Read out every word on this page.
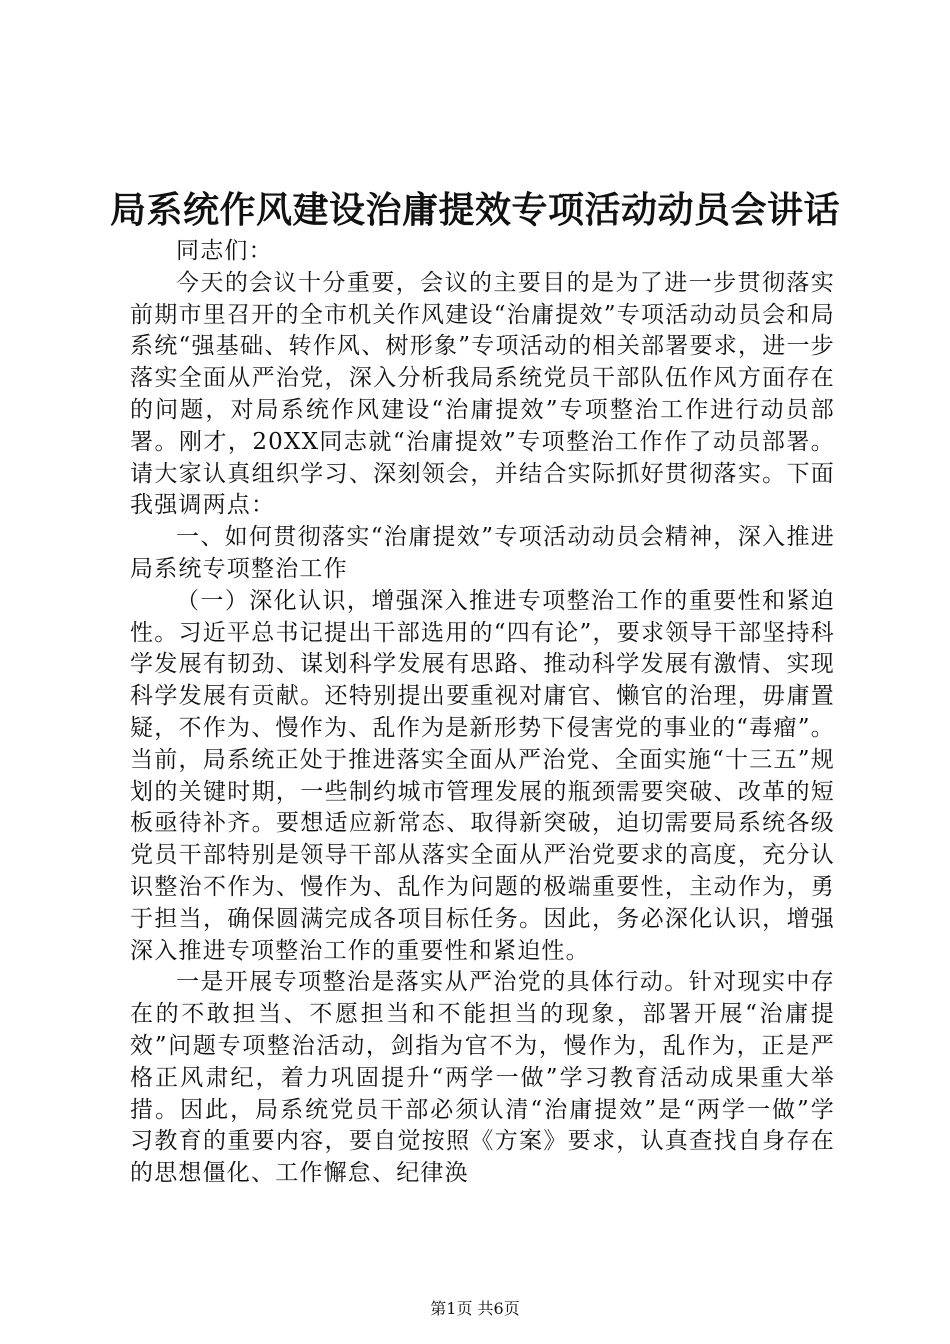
局系统作风建设治庸提效专项活动动员会讲话

同志们：

今天的会议十分重要，会议的主要目的是为了进一步贯彻落实前期市里召开的全市机关作风建设“治庸提效”专项活动动员会和局系统“强基础、转作风、树形象”专项活动的相关部署要求，进一步落实全面从严治党，深入分析我局系统党员干部队伍作风方面存在的问题，对局系统作风建设“治庸提效”专项整治工作进行动员部署。刚才，20XX同志就“治庸提效”专项整治工作作了动员部署。请大家认真组织学习、深刻领会，并结合实际抓好贯彻落实。下面我强调两点：

一、如何贯彻落实“治庸提效”专项活动动员会精神，深入推进局系统专项整治工作

（一）深化认识，增强深入推进专项整治工作的重要性和紧迫性。习近平总书记提出干部选用的“四有论”，要求领导干部坚持科学发展有韧劲、谋划科学发展有思路、推动科学发展有激情、实现科学发展有贡献。还特别提出要重视对庸官、懒官的治理，毋庸置疑，不作为、慢作为、乱作为是新形势下侵害党的事业的“毒瘤”。当前，局系统正处于推进落实全面从严治党、全面实施“十三五”规划的关键时期，一些制约城市管理发展的瓶颈需要突破、改革的短板亟待补齐。要想适应新常态、取得新突破，迫切需要局系统各级党员干部特别是领导干部从落实全面从严治党要求的高度，充分认识整治不作为、慢作为、乱作为问题的极端重要性，主动作为，勇于担当，确保圆满完成各项目标任务。因此，务必深化认识，增强深入推进专项整治工作的重要性和紧迫性。

一是开展专项整治是落实从严治党的具体行动。针对现实中存在的不敢担当、不愿担当和不能担当的现象，部署开展“治庸提效”问题专项整治活动，剑指为官不为，慢作为，乱作为，正是严格正风肃纪，着力巩固提升“两学一做”学习教育活动成果重大举措。因此，局系统党员干部必须认清“治庸提效”是“两学一做”学习教育的重要内容，要自觉按照《方案》要求，认真查找自身存在的思想僵化、工作懈怠、纪律涣

第1页 共6页
